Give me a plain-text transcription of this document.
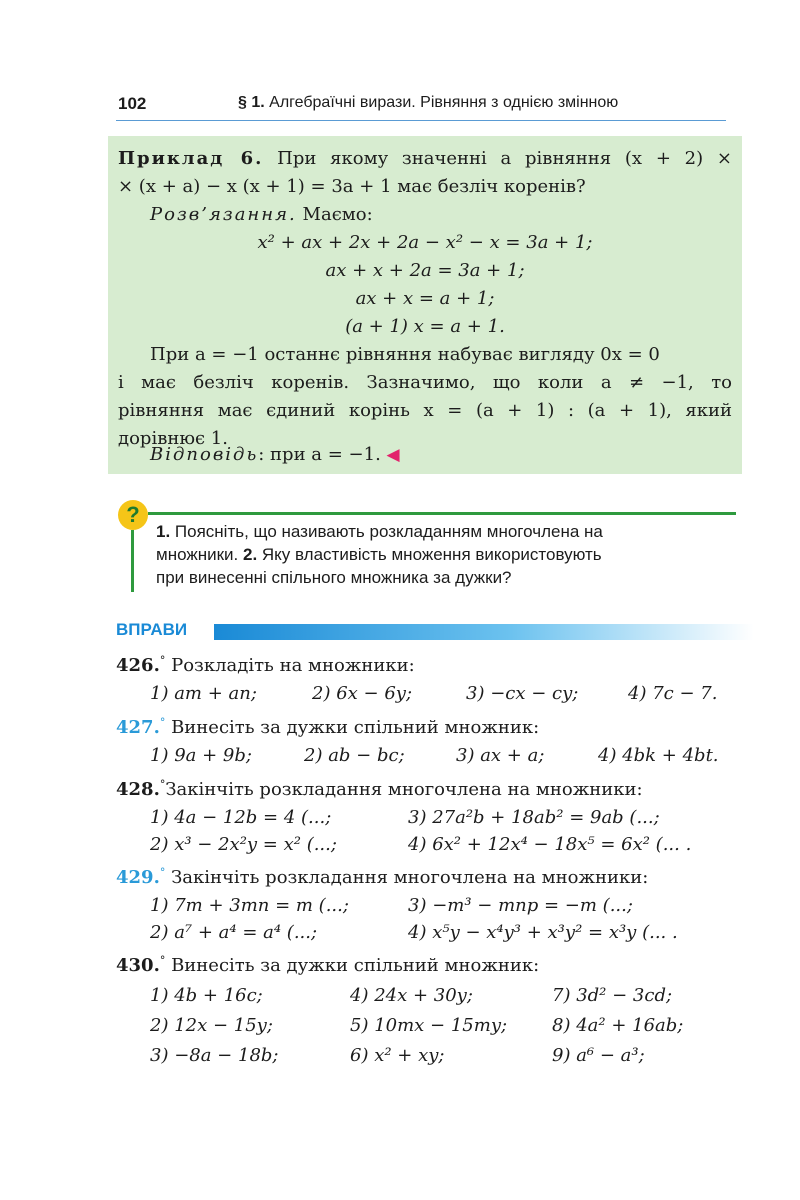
102	§ 1. Алгебраїчні вирази. Рівняння з однією змінною
Приклад 6. При якому значенні a рівняння (x + 2) ×
× (x + a) − x (x + 1) = 3a + 1 має безліч коренів?
Розв’язання. Маємо:
x² + ax + 2x + 2a − x² − x = 3a + 1;
ax + x + 2a = 3a + 1;
ax + x = a + 1;
(a + 1) x = a + 1.
При a = −1 останнє рівняння набуває вигляду 0x = 0
і має безліч коренів. Зазначимо, що коли a ≠ −1, то
рівняння має єдиний корінь x = (a + 1) : (a + 1), який
дорівнює 1.
Відповідь: при a = −1. ◀
?
1. Поясніть, що називають розкладанням многочлена на
множники. 2. Яку властивість множення використовують
при винесенні спільного множника за дужки?
ВПРАВИ
426.° Розкладіть на множники:
1) am + an;	2) 6x − 6y;	3) −cx − cy;	4) 7c − 7.
427.° Винесіть за дужки спільний множник:
1) 9a + 9b;	2) ab − bc;	3) ax + a;	4) 4bk + 4bt.
428.°Закінчіть розкладання многочлена на множники:
1) 4a − 12b = 4 (...;	3) 27a²b + 18ab² = 9ab (...;
2) x³ − 2x²y = x² (...;	4) 6x² + 12x⁴ − 18x⁵ = 6x² (... .
429.° Закінчіть розкладання многочлена на множники:
1) 7m + 3mn = m (...;	3) −m³ − mnp = −m (...;
2) a⁷ + a⁴ = a⁴ (...;	4) x⁵y − x⁴y³ + x³y² = x³y (... .
430.° Винесіть за дужки спільний множник:
1) 4b + 16c;	4) 24x + 30y;	7) 3d² − 3cd;
2) 12x − 15y;	5) 10mx − 15my; 8) 4a² + 16ab;
3) −8a − 18b;	6) x² + xy;	9) a⁶ − a³;
